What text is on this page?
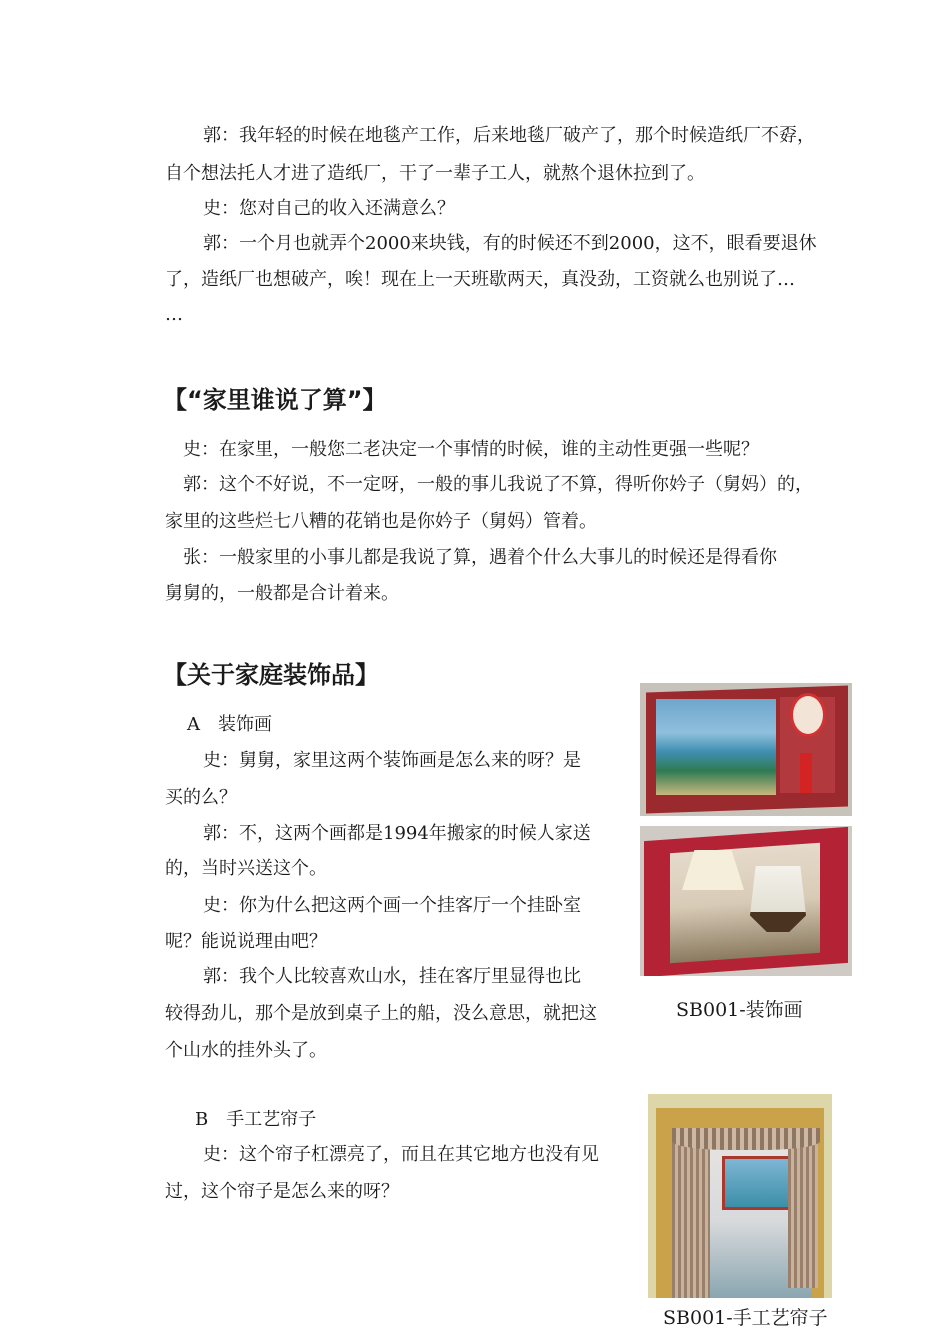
郭：我年轻的时候在地毯产工作，后来地毯厂破产了，那个时候造纸厂不孬，
自个想法托人才进了造纸厂，干了一辈子工人，就熬个退休拉到了。
史：您对自己的收入还满意么？
郭：一个月也就弄个2000来块钱，有的时候还不到2000，这不，眼看要退休
了，造纸厂也想破产，唉！现在上一天班歇两天，真没劲，工资就么也别说了…
…
【“家里谁说了算”】
史：在家里，一般您二老决定一个事情的时候，谁的主动性更强一些呢？
郭：这个不好说，不一定呀，一般的事儿我说了不算，得听你妗子（舅妈）的，
家里的这些烂七八糟的花销也是你妗子（舅妈）管着。
张：一般家里的小事儿都是我说了算，遇着个什么大事儿的时候还是得看你
舅舅的，一般都是合计着来。
【关于家庭装饰品】
A　装饰画
史：舅舅，家里这两个装饰画是怎么来的呀？是
买的么？
郭：不，这两个画都是1994年搬家的时候人家送
的，当时兴送这个。
史：你为什么把这两个画一个挂客厅一个挂卧室
呢？能说说理由吧？
郭：我个人比较喜欢山水，挂在客厅里显得也比
较得劲儿，那个是放到桌子上的船，没么意思，就把这
个山水的挂外头了。
SB001-装饰画
B　手工艺帘子
史：这个帘子杠漂亮了，而且在其它地方也没有见
过，这个帘子是怎么来的呀？
SB001-手工艺帘子
